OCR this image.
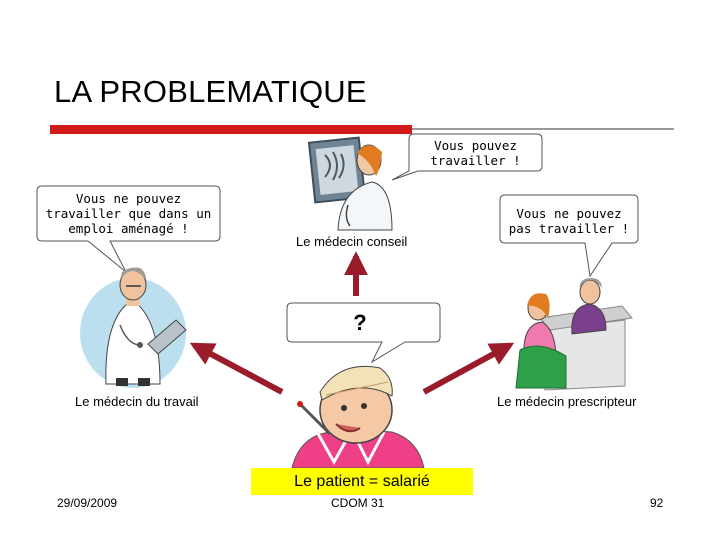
LA PROBLEMATIQUE
Vous pouvez
travailler !
Vous ne pouvez
travailler que dans un
emploi aménagé !
Vous ne pouvez
pas travailler !
?
Le médecin conseil
Le médecin du travail	Le médecin prescripteur
Le patient = salarié
29/09/2009	CDOM 31	92
